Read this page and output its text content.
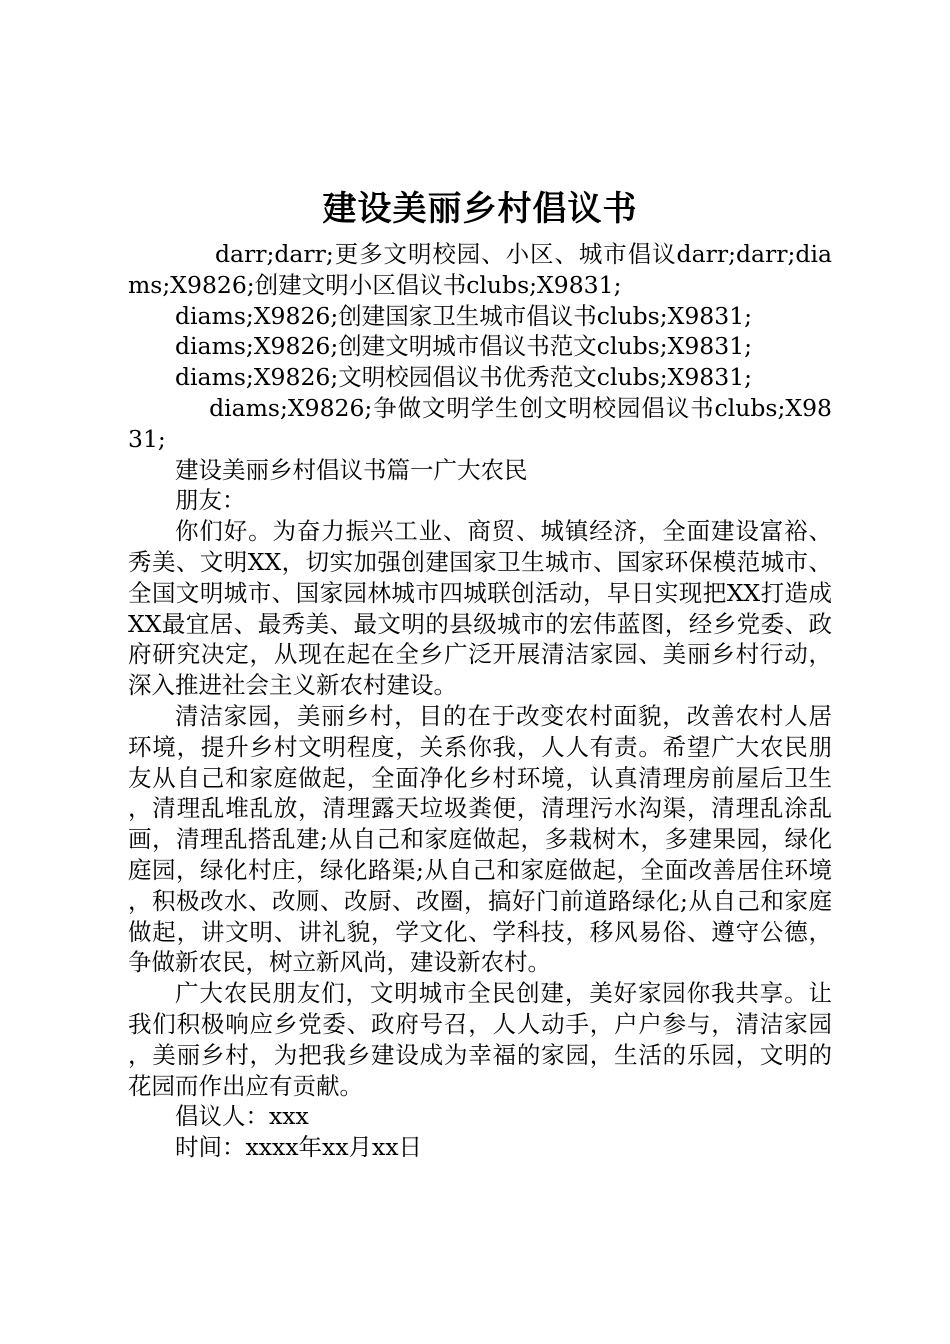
建设美丽乡村倡议书

darr;darr;更多文明校园、小区、城市倡议darr;darr;diams;X9826;创建文明小区倡议书clubs;X9831;

diams;X9826;创建国家卫生城市倡议书clubs;X9831;

diams;X9826;创建文明城市倡议书范文clubs;X9831;

diams;X9826;文明校园倡议书优秀范文clubs;X9831;

diams;X9826;争做文明学生创文明校园倡议书clubs;X9831;

建设美丽乡村倡议书篇一广大农民

朋友：

你们好。为奋力振兴工业、商贸、城镇经济，全面建设富裕、秀美、文明XX，切实加强创建国家卫生城市、国家环保模范城市、全国文明城市、国家园林城市四城联创活动，早日实现把XX打造成XX最宜居、最秀美、最文明的县级城市的宏伟蓝图，经乡党委、政府研究决定，从现在起在全乡广泛开展清洁家园、美丽乡村行动，深入推进社会主义新农村建设。

清洁家园，美丽乡村，目的在于改变农村面貌，改善农村人居环境，提升乡村文明程度，关系你我，人人有责。希望广大农民朋友从自己和家庭做起，全面净化乡村环境，认真清理房前屋后卫生，清理乱堆乱放，清理露天垃圾粪便，清理污水沟渠，清理乱涂乱画，清理乱搭乱建;从自己和家庭做起，多栽树木，多建果园，绿化庭园，绿化村庄，绿化路渠;从自己和家庭做起，全面改善居住环境，积极改水、改厕、改厨、改圈，搞好门前道路绿化;从自己和家庭做起，讲文明、讲礼貌，学文化、学科技，移风易俗、遵守公德，争做新农民，树立新风尚，建设新农村。

广大农民朋友们，文明城市全民创建，美好家园你我共享。让我们积极响应乡党委、政府号召，人人动手，户户参与，清洁家园，美丽乡村，为把我乡建设成为幸福的家园，生活的乐园，文明的花园而作出应有贡献。

倡议人：xxx

时间：xxxx年xx月xx日
